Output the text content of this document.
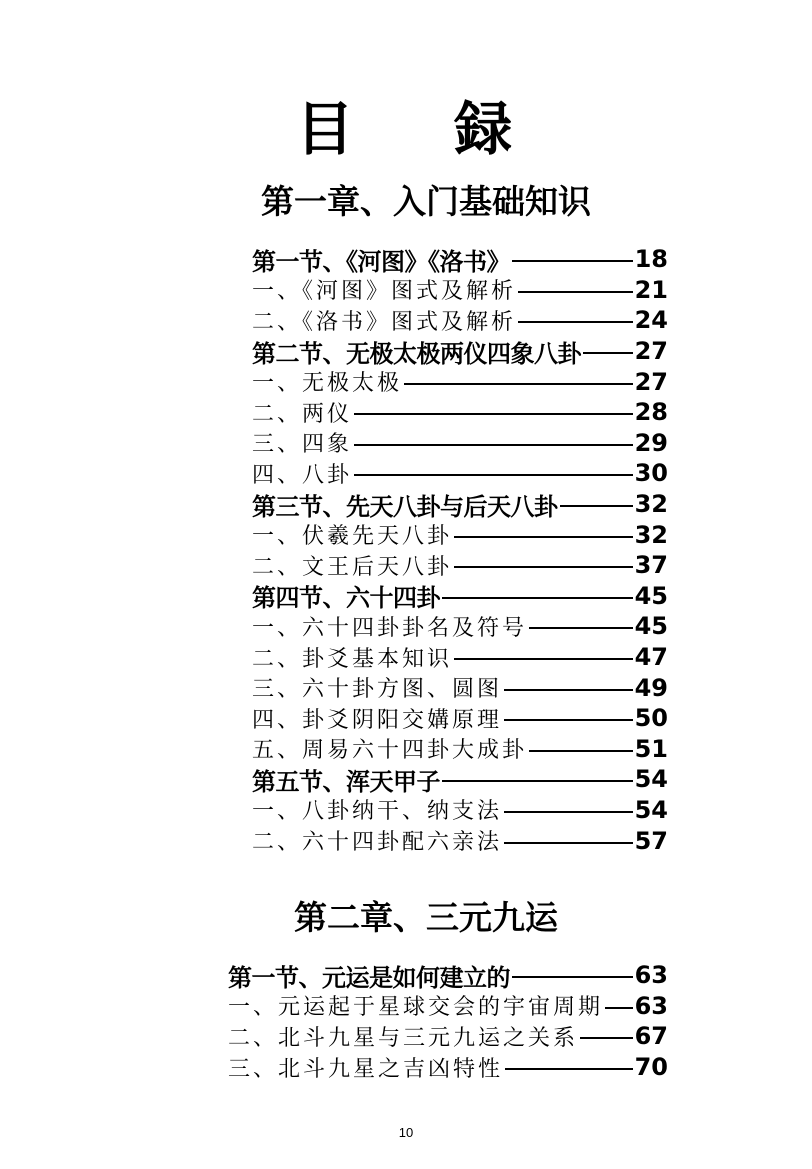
目 録
第一章、入门基础知识
第一节、《河图》《洛书》	18
一、《河图》图式及解析	21
二、《洛书》图式及解析	24
第二节、无极太极两仪四象八卦 27
一、无极太极	27
二、两仪	28
三、四象	29
四、八卦	30
第三节、先天八卦与后天八卦	32
一、伏羲先天八卦	32
二、文王后天八卦	37
第四节、六十四卦	45
一、六十四卦卦名及符号	45
二、卦爻基本知识	47
三、六十卦方图、圆图	49
四、卦爻阴阳交媾原理	50
五、周易六十四卦大成卦	51
第五节、浑天甲子	54
一、八卦纳干、纳支法	54
二、六十四卦配六亲法	57
第二章、三元九运
第一节、元运是如何建立的	63
一、元运起于星球交会的宇宙周期 63
二、北斗九星与三元九运之关系 67
三、北斗九星之吉凶特性	70
10
